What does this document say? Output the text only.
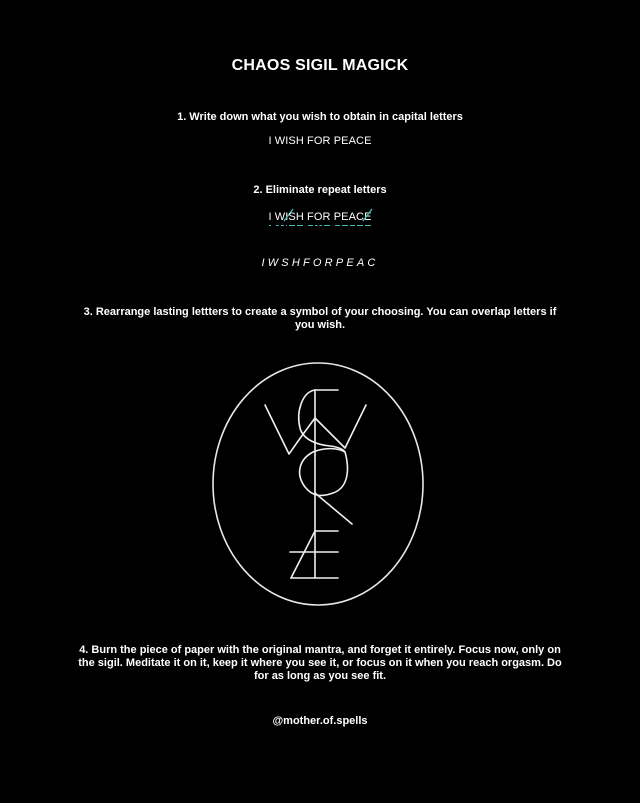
CHAOS SIGIL MAGICK
1. Write down what you wish to obtain in capital letters
I WISH FOR PEACE
2. Eliminate repeat letters
I WI
SH FOR PEACE
IWSHFORPEAC
3. Rearrange lasting lettters to create a symbol of your choosing. You can overlap letters if you wish.
4. Burn the piece of paper with the original mantra, and forget it entirely. Focus now, only on the sigil. Meditate it on it, keep it where you see it, or focus on it when you reach orgasm. Do for as long as you see fit.
@mother.of.spells
